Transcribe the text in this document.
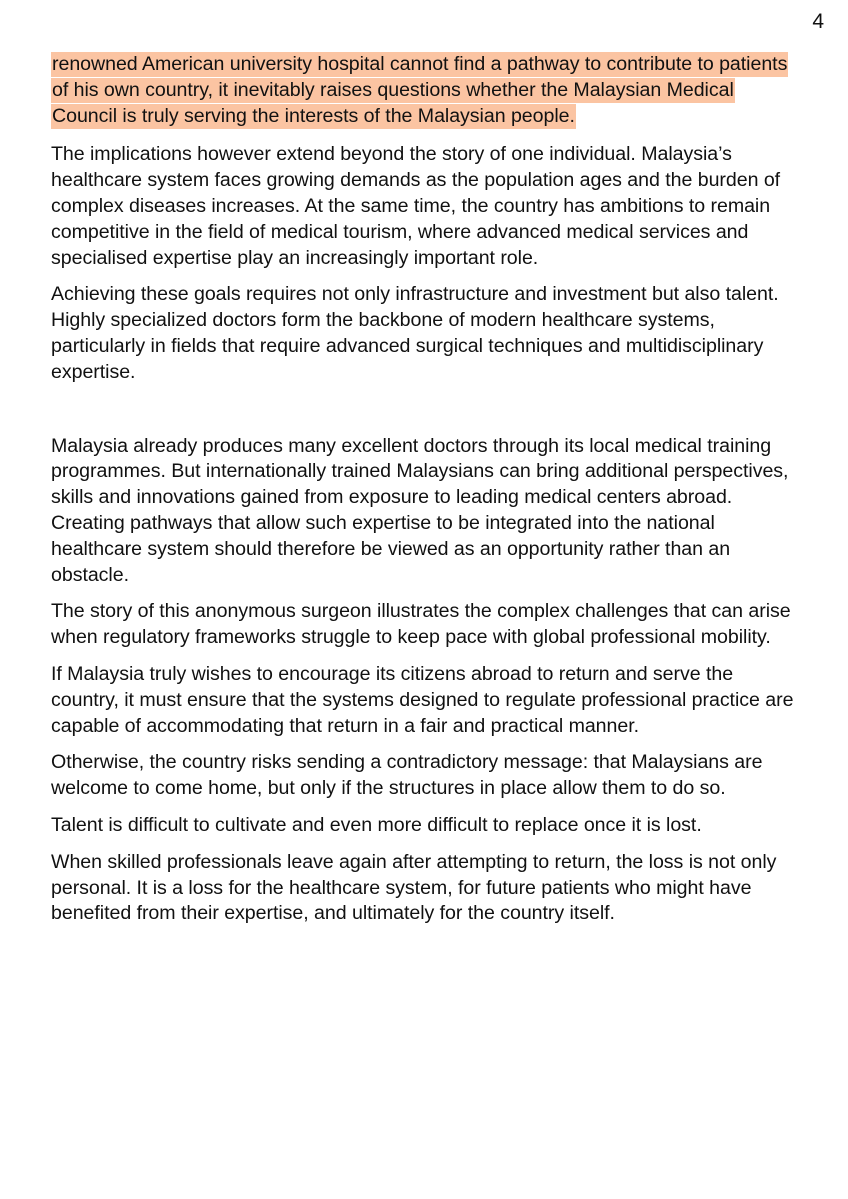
4

renowned American university hospital cannot find a pathway to contribute to patients of his own country, it inevitably raises questions whether the Malaysian Medical Council is truly serving the interests of the Malaysian people.

The implications however extend beyond the story of one individual. Malaysia’s healthcare system faces growing demands as the population ages and the burden of complex diseases increases. At the same time, the country has ambitions to remain competitive in the field of medical tourism, where advanced medical services and specialised expertise play an increasingly important role.

Achieving these goals requires not only infrastructure and investment but also talent. Highly specialized doctors form the backbone of modern healthcare systems, particularly in fields that require advanced surgical techniques and multidisciplinary expertise.

Malaysia already produces many excellent doctors through its local medical training programmes. But internationally trained Malaysians can bring additional perspectives, skills and innovations gained from exposure to leading medical centers abroad. Creating pathways that allow such expertise to be integrated into the national healthcare system should therefore be viewed as an opportunity rather than an obstacle.

The story of this anonymous surgeon illustrates the complex challenges that can arise when regulatory frameworks struggle to keep pace with global professional mobility.

If Malaysia truly wishes to encourage its citizens abroad to return and serve the country, it must ensure that the systems designed to regulate professional practice are capable of accommodating that return in a fair and practical manner.

Otherwise, the country risks sending a contradictory message: that Malaysians are welcome to come home, but only if the structures in place allow them to do so.

Talent is difficult to cultivate and even more difficult to replace once it is lost.

When skilled professionals leave again after attempting to return, the loss is not only personal. It is a loss for the healthcare system, for future patients who might have benefited from their expertise, and ultimately for the country itself.
